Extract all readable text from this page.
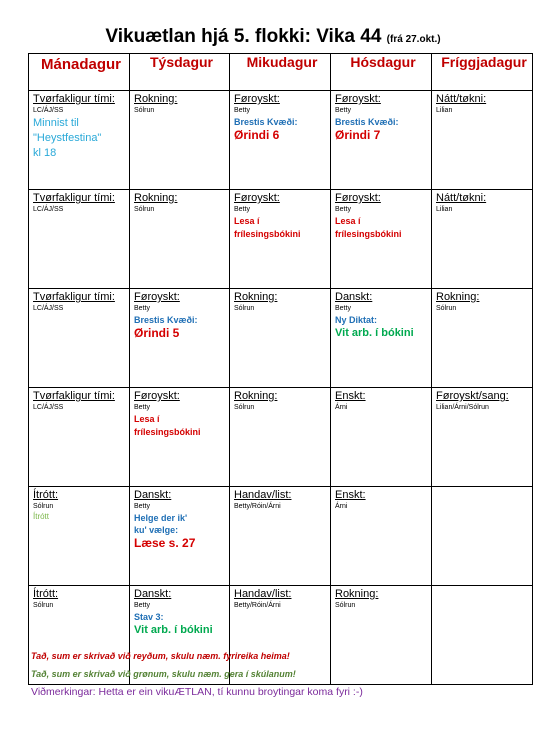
Vikuætlan hjá 5. flokki: Vika 44 (frá 27.okt.)
Mánadagur	Týsdagur	Mikudagur	Hósdagur	Fríggjadagur

Tvørfakligur tími:
LC/ÁJ/SS
Minnist til
"Heystfestina"
kl 18	Rokning:
Sólrun	Føroyskt:
Betty
Brestis Kvæði:
Ørindi 6	Føroyskt:
Betty
Brestis Kvæði:
Ørindi 7	Nátt/tøkni:
Lilian

Tvørfakligur tími:
LC/ÁJ/SS	Rokning:
Sólrun	Føroyskt:
Betty
Lesa í
frílesingsbókini	Føroyskt:
Betty
Lesa í
frílesingsbókini	Nátt/tøkni:
Lilian

Tvørfakligur tími:
LC/ÁJ/SS	Føroyskt:
Betty
Brestis Kvæði:
Ørindi 5	Rokning:
Sólrun	Danskt:
Betty
Ny Diktat:
Vit arb. í bókini	Rokning:
Sólrun

Tvørfakligur tími:
LC/ÁJ/SS	Føroyskt:
Betty
Lesa í
frílesingsbókini	Rokning:
Sólrun	Enskt:
Árni	Føroyskt/sang:
Lilian/Árni/Sólrun

Ítrótt:
Sólrun
Ítrótt	Danskt:
Betty
Helge der ik'
ku' vælge:
Læse s. 27	Handav/list:
Betty/Róin/Árni	Enskt:
Árni	

Ítrótt:
Sólrun	Danskt:
Betty
Stav 3:
Vit arb. í bókini	Handav/list:
Betty/Róin/Árni	Rokning:
Sólrun	

Tað, sum er skrivað við reyðum, skulu næm. fyrireika heima!
Tað, sum er skrivað við grønum, skulu næm. gera í skúlanum!
Viðmerkingar: Hetta er ein vikuÆTLAN, tí kunnu broytingar koma fyri :-)
